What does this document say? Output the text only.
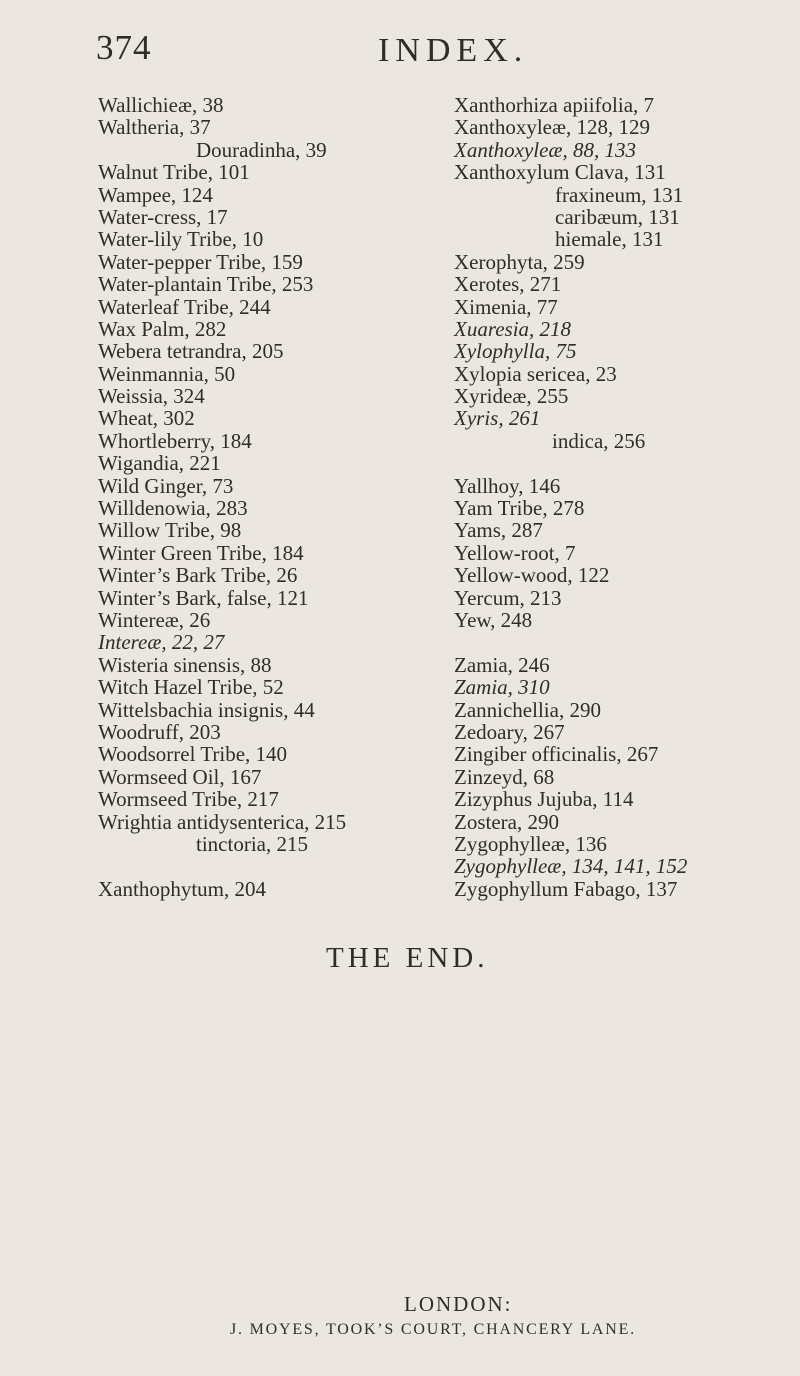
374	INDEX.
Wallichieæ, 38
Waltheria, 37
Douradinha, 39
Walnut Tribe, 101
Wampee, 124
Water-cress, 17
Water-lily Tribe, 10
Water-pepper Tribe, 159
Water-plantain Tribe, 253
Waterleaf Tribe, 244
Wax Palm, 282
Webera tetrandra, 205
Weinmannia, 50
Weissia, 324
Wheat, 302
Whortleberry, 184
Wigandia, 221
Wild Ginger, 73
Willdenowia, 283
Willow Tribe, 98
Winter Green Tribe, 184
Winter’s Bark Tribe, 26
Winter’s Bark, false, 121
Wintereæ, 26
Intereæ, 22, 27
Wisteria sinensis, 88
Witch Hazel Tribe, 52
Wittelsbachia insignis, 44
Woodruff, 203
Woodsorrel Tribe, 140
Wormseed Oil, 167
Wormseed Tribe, 217
Wrightia antidysenterica, 215
tinctoria, 215
Xanthophytum, 204
Xanthorhiza apiifolia, 7
Xanthoxyleæ, 128, 129
Xanthoxyleæ, 88, 133
Xanthoxylum Clava, 131
fraxineum, 131
caribæum, 131
hiemale, 131
Xerophyta, 259
Xerotes, 271
Ximenia, 77
Xuaresia, 218
Xylophylla, 75
Xylopia sericea, 23
Xyrideæ, 255
Xyris, 261
indica, 256
Yallhoy, 146
Yam Tribe, 278
Yams, 287
Yellow-root, 7
Yellow-wood, 122
Yercum, 213
Yew, 248
Zamia, 246
Zamia, 310
Zannichellia, 290
Zedoary, 267
Zingiber officinalis, 267
Zinzeyd, 68
Zizyphus Jujuba, 114
Zostera, 290
Zygophylleæ, 136
Zygophylleæ, 134, 141, 152
Zygophyllum Fabago, 137
THE END.
LONDON:
J. MOYES, TOOK’S COURT, CHANCERY LANE.
